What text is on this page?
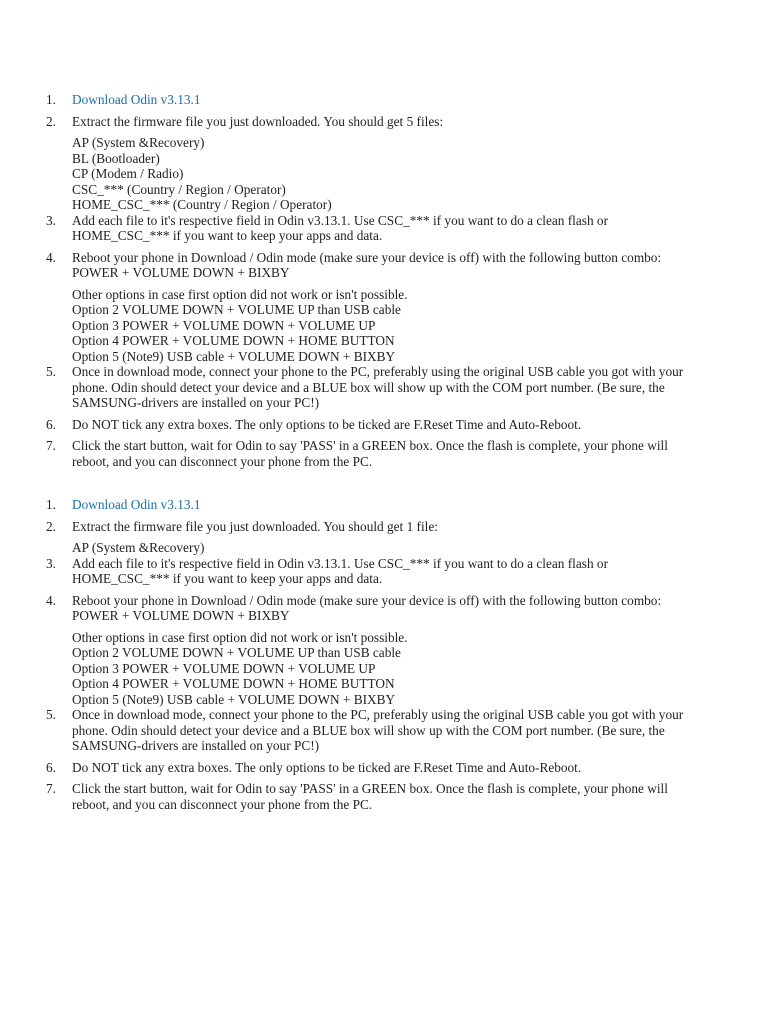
1.	Download Odin v3.13.1
2.	Extract the firmware file you just downloaded. You should get 5 files:
AP (System &Recovery)
BL (Bootloader)
CP (Modem / Radio)
CSC_*** (Country / Region / Operator)
HOME_CSC_*** (Country / Region / Operator)
3.	Add each file to it's respective field in Odin v3.13.1. Use CSC_*** if you want to do a clean flash or HOME_CSC_*** if you want to keep your apps and data.
4.	Reboot your phone in Download / Odin mode (make sure your device is off) with the following button combo: POWER + VOLUME DOWN + BIXBY
Other options in case first option did not work or isn't possible.
Option 2 VOLUME DOWN + VOLUME UP than USB cable
Option 3 POWER + VOLUME DOWN + VOLUME UP
Option 4 POWER + VOLUME DOWN + HOME BUTTON
Option 5 (Note9) USB cable + VOLUME DOWN + BIXBY
5.	Once in download mode, connect your phone to the PC, preferably using the original USB cable you got with your phone. Odin should detect your device and a BLUE box will show up with the COM port number. (Be sure, the SAMSUNG-drivers are installed on your PC!)
6.	Do NOT tick any extra boxes. The only options to be ticked are F.Reset Time and Auto-Reboot.
7.	Click the start button, wait for Odin to say 'PASS' in a GREEN box. Once the flash is complete, your phone will reboot, and you can disconnect your phone from the PC.
1.	Download Odin v3.13.1
2.	Extract the firmware file you just downloaded. You should get 1 file:
AP (System &Recovery)
3.	Add each file to it's respective field in Odin v3.13.1. Use CSC_*** if you want to do a clean flash or HOME_CSC_*** if you want to keep your apps and data.
4.	Reboot your phone in Download / Odin mode (make sure your device is off) with the following button combo: POWER + VOLUME DOWN + BIXBY
Other options in case first option did not work or isn't possible.
Option 2 VOLUME DOWN + VOLUME UP than USB cable
Option 3 POWER + VOLUME DOWN + VOLUME UP
Option 4 POWER + VOLUME DOWN + HOME BUTTON
Option 5 (Note9) USB cable + VOLUME DOWN + BIXBY
5.	Once in download mode, connect your phone to the PC, preferably using the original USB cable you got with your phone. Odin should detect your device and a BLUE box will show up with the COM port number. (Be sure, the SAMSUNG-drivers are installed on your PC!)
6.	Do NOT tick any extra boxes. The only options to be ticked are F.Reset Time and Auto-Reboot.
7.	Click the start button, wait for Odin to say 'PASS' in a GREEN box. Once the flash is complete, your phone will reboot, and you can disconnect your phone from the PC.
